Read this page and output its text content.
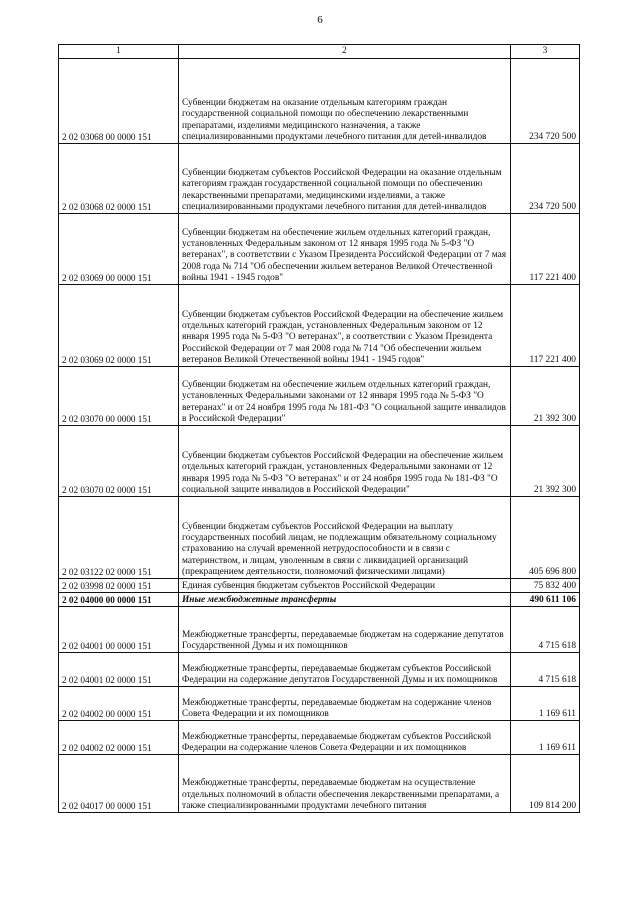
6
1	2	3
2 02 03068 00 0000 151	Субвенции бюджетам на оказание отдельным категориям граждан государственной социальной помощи по обеспечению лекарственными препаратами, изделиями медицинского назначения, а также специализированными продуктами лечебного питания для детей-инвалидов	234 720 500
2 02 03068 02 0000 151	Субвенции бюджетам субъектов Российской Федерации на оказание отдельным категориям граждан государственной социальной помощи по обеспечению лекарственными препаратами, медицинскими изделиями, а также специализированными продуктами лечебного питания для детей-инвалидов	234 720 500
2 02 03069 00 0000 151	Субвенции бюджетам на обеспечение жильем отдельных категорий граждан, установленных Федеральным законом от 12 января 1995 года № 5-ФЗ "О ветеранах", в соответствии с Указом Президента Российской Федерации от 7 мая 2008 года № 714 "Об обеспечении жильем ветеранов Великой Отечественной войны 1941 - 1945 годов"	117 221 400
2 02 03069 02 0000 151	Субвенции бюджетам субъектов Российской Федерации на обеспечение жильем отдельных категорий граждан, установленных Федеральным законом от 12 января 1995 года № 5-ФЗ "О ветеранах", в соответствии с Указом Президента Российской Федерации от 7 мая 2008 года № 714 "Об обеспечении жильем ветеранов Великой Отечественной войны 1941 - 1945 годов"	117 221 400
2 02 03070 00 0000 151	Субвенции бюджетам на обеспечение жильем отдельных категорий граждан, установленных Федеральными законами от 12 января 1995 года № 5-ФЗ "О ветеранах" и от 24 ноября 1995 года № 181-ФЗ "О социальной защите инвалидов в Российской Федерации"	21 392 300
2 02 03070 02 0000 151	Субвенции бюджетам субъектов Российской Федерации на обеспечение жильем отдельных категорий граждан, установленных Федеральными законами от 12 января 1995 года № 5-ФЗ "О ветеранах" и от 24 ноября 1995 года № 181-ФЗ "О социальной защите инвалидов в Российской Федерации"	21 392 300
2 02 03122 02 0000 151	Субвенции бюджетам субъектов Российской Федерации на выплату государственных пособий лицам, не подлежащим обязательному социальному страхованию на случай временной нетрудоспособности и в связи с материнством, и лицам, уволенным в связи с ликвидацией организаций (прекращением деятельности, полномочий физическими лицами)	405 696 800
2 02 03998 02 0000 151	Единая субвенция бюджетам субъектов Российской Федерации	75 832 400
2 02 04000 00 0000 151	Иные межбюджетные трансферты	490 611 106
2 02 04001 00 0000 151	Межбюджетные трансферты, передаваемые бюджетам на содержание депутатов Государственной Думы и их помощников	4 715 618
2 02 04001 02 0000 151	Межбюджетные трансферты, передаваемые бюджетам субъектов Российской Федерации на содержание депутатов Государственной Думы и их помощников	4 715 618
2 02 04002 00 0000 151	Межбюджетные трансферты, передаваемые бюджетам на содержание членов Совета Федерации и их помощников	1 169 611
2 02 04002 02 0000 151	Межбюджетные трансферты, передаваемые бюджетам субъектов Российской Федерации на содержание членов Совета Федерации и их помощников	1 169 611
2 02 04017 00 0000 151	Межбюджетные трансферты, передаваемые бюджетам на осуществление отдельных полномочий в области обеспечения лекарственными препаратами, а также специализированными продуктами лечебного питания	109 814 200
